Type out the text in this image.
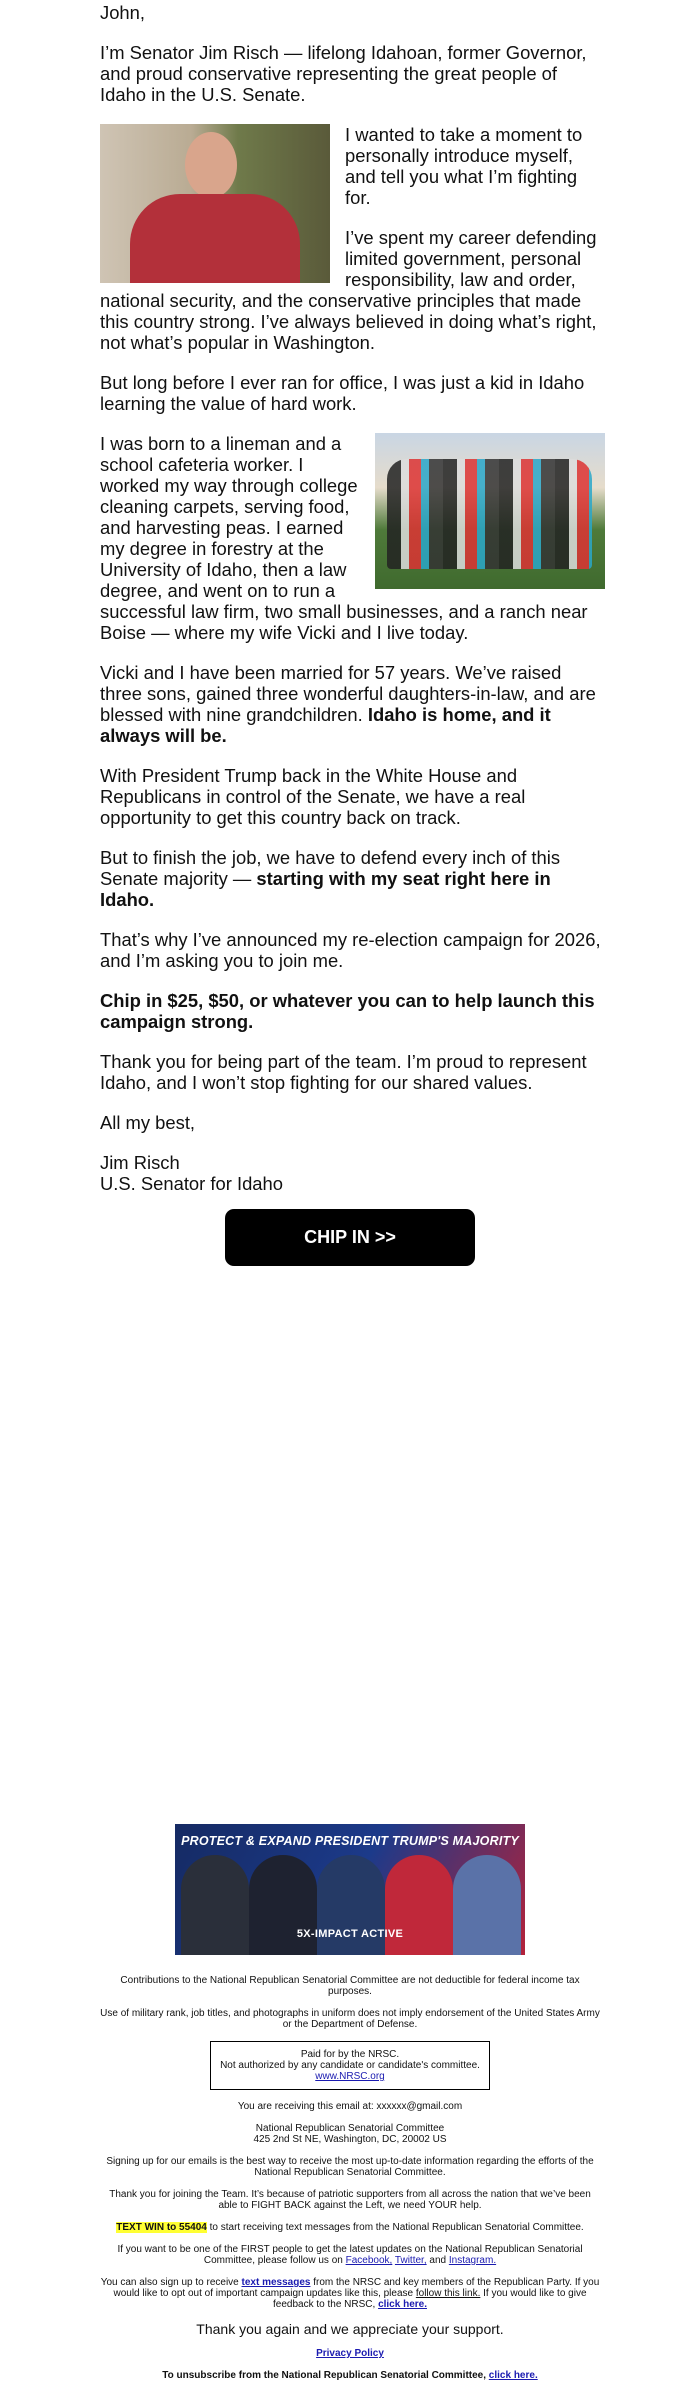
John,

I’m Senator Jim Risch — lifelong Idahoan, former Governor, and proud conservative representing the great people of Idaho in the U.S. Senate.

I wanted to take a moment to personally introduce myself, and tell you what I’m fighting for.

I’ve spent my career defending limited government, personal responsibility, law and order, national security, and the conservative principles that made this country strong. I’ve always believed in doing what’s right, not what’s popular in Washington.

But long before I ever ran for office, I was just a kid in Idaho learning the value of hard work.

I was born to a lineman and a school cafeteria worker. I worked my way through college cleaning carpets, serving food, and harvesting peas. I earned my degree in forestry at the University of Idaho, then a law degree, and went on to run a successful law firm, two small businesses, and a ranch near Boise — where my wife Vicki and I live today.

Vicki and I have been married for 57 years. We’ve raised three sons, gained three wonderful daughters-in-law, and are blessed with nine grandchildren. Idaho is home, and it always will be.

With President Trump back in the White House and Republicans in control of the Senate, we have a real opportunity to get this country back on track.

But to finish the job, we have to defend every inch of this Senate majority — starting with my seat right here in Idaho.

That’s why I’ve announced my re-election campaign for 2026, and I’m asking you to join me.

Chip in $25, $50, or whatever you can to help launch this campaign strong.

Thank you for being part of the team. I’m proud to represent Idaho, and I won’t stop fighting for our shared values.

All my best,

Jim Risch
U.S. Senator for Idaho

CHIP IN >>
PROTECT & EXPAND PRESIDENT TRUMP'S MAJORITY
5X-IMPACT ACTIVE

Contributions to the National Republican Senatorial Committee are not deductible for federal income tax purposes.

Use of military rank, job titles, and photographs in uniform does not imply endorsement of the United States Army or the Department of Defense.

Paid for by the NRSC.
Not authorized by any candidate or candidate's committee.
www.NRSC.org

You are receiving this email at: xxxxxx@gmail.com

National Republican Senatorial Committee
425 2nd St NE, Washington, DC, 20002 US

Signing up for our emails is the best way to receive the most up-to-date information regarding the efforts of the National Republican Senatorial Committee.

Thank you for joining the Team. It’s because of patriotic supporters from all across the nation that we’ve been able to FIGHT BACK against the Left, we need YOUR help.

TEXT WIN to 55404 to start receiving text messages from the National Republican Senatorial Committee.

If you want to be one of the FIRST people to get the latest updates on the National Republican Senatorial Committee, please follow us on Facebook, Twitter, and Instagram.

You can also sign up to receive text messages from the NRSC and key members of the Republican Party. If you would like to opt out of important campaign updates like this, please follow this link. If you would like to give feedback to the NRSC, click here.

Thank you again and we appreciate your support.

Privacy Policy

To unsubscribe from the National Republican Senatorial Committee, click here.
